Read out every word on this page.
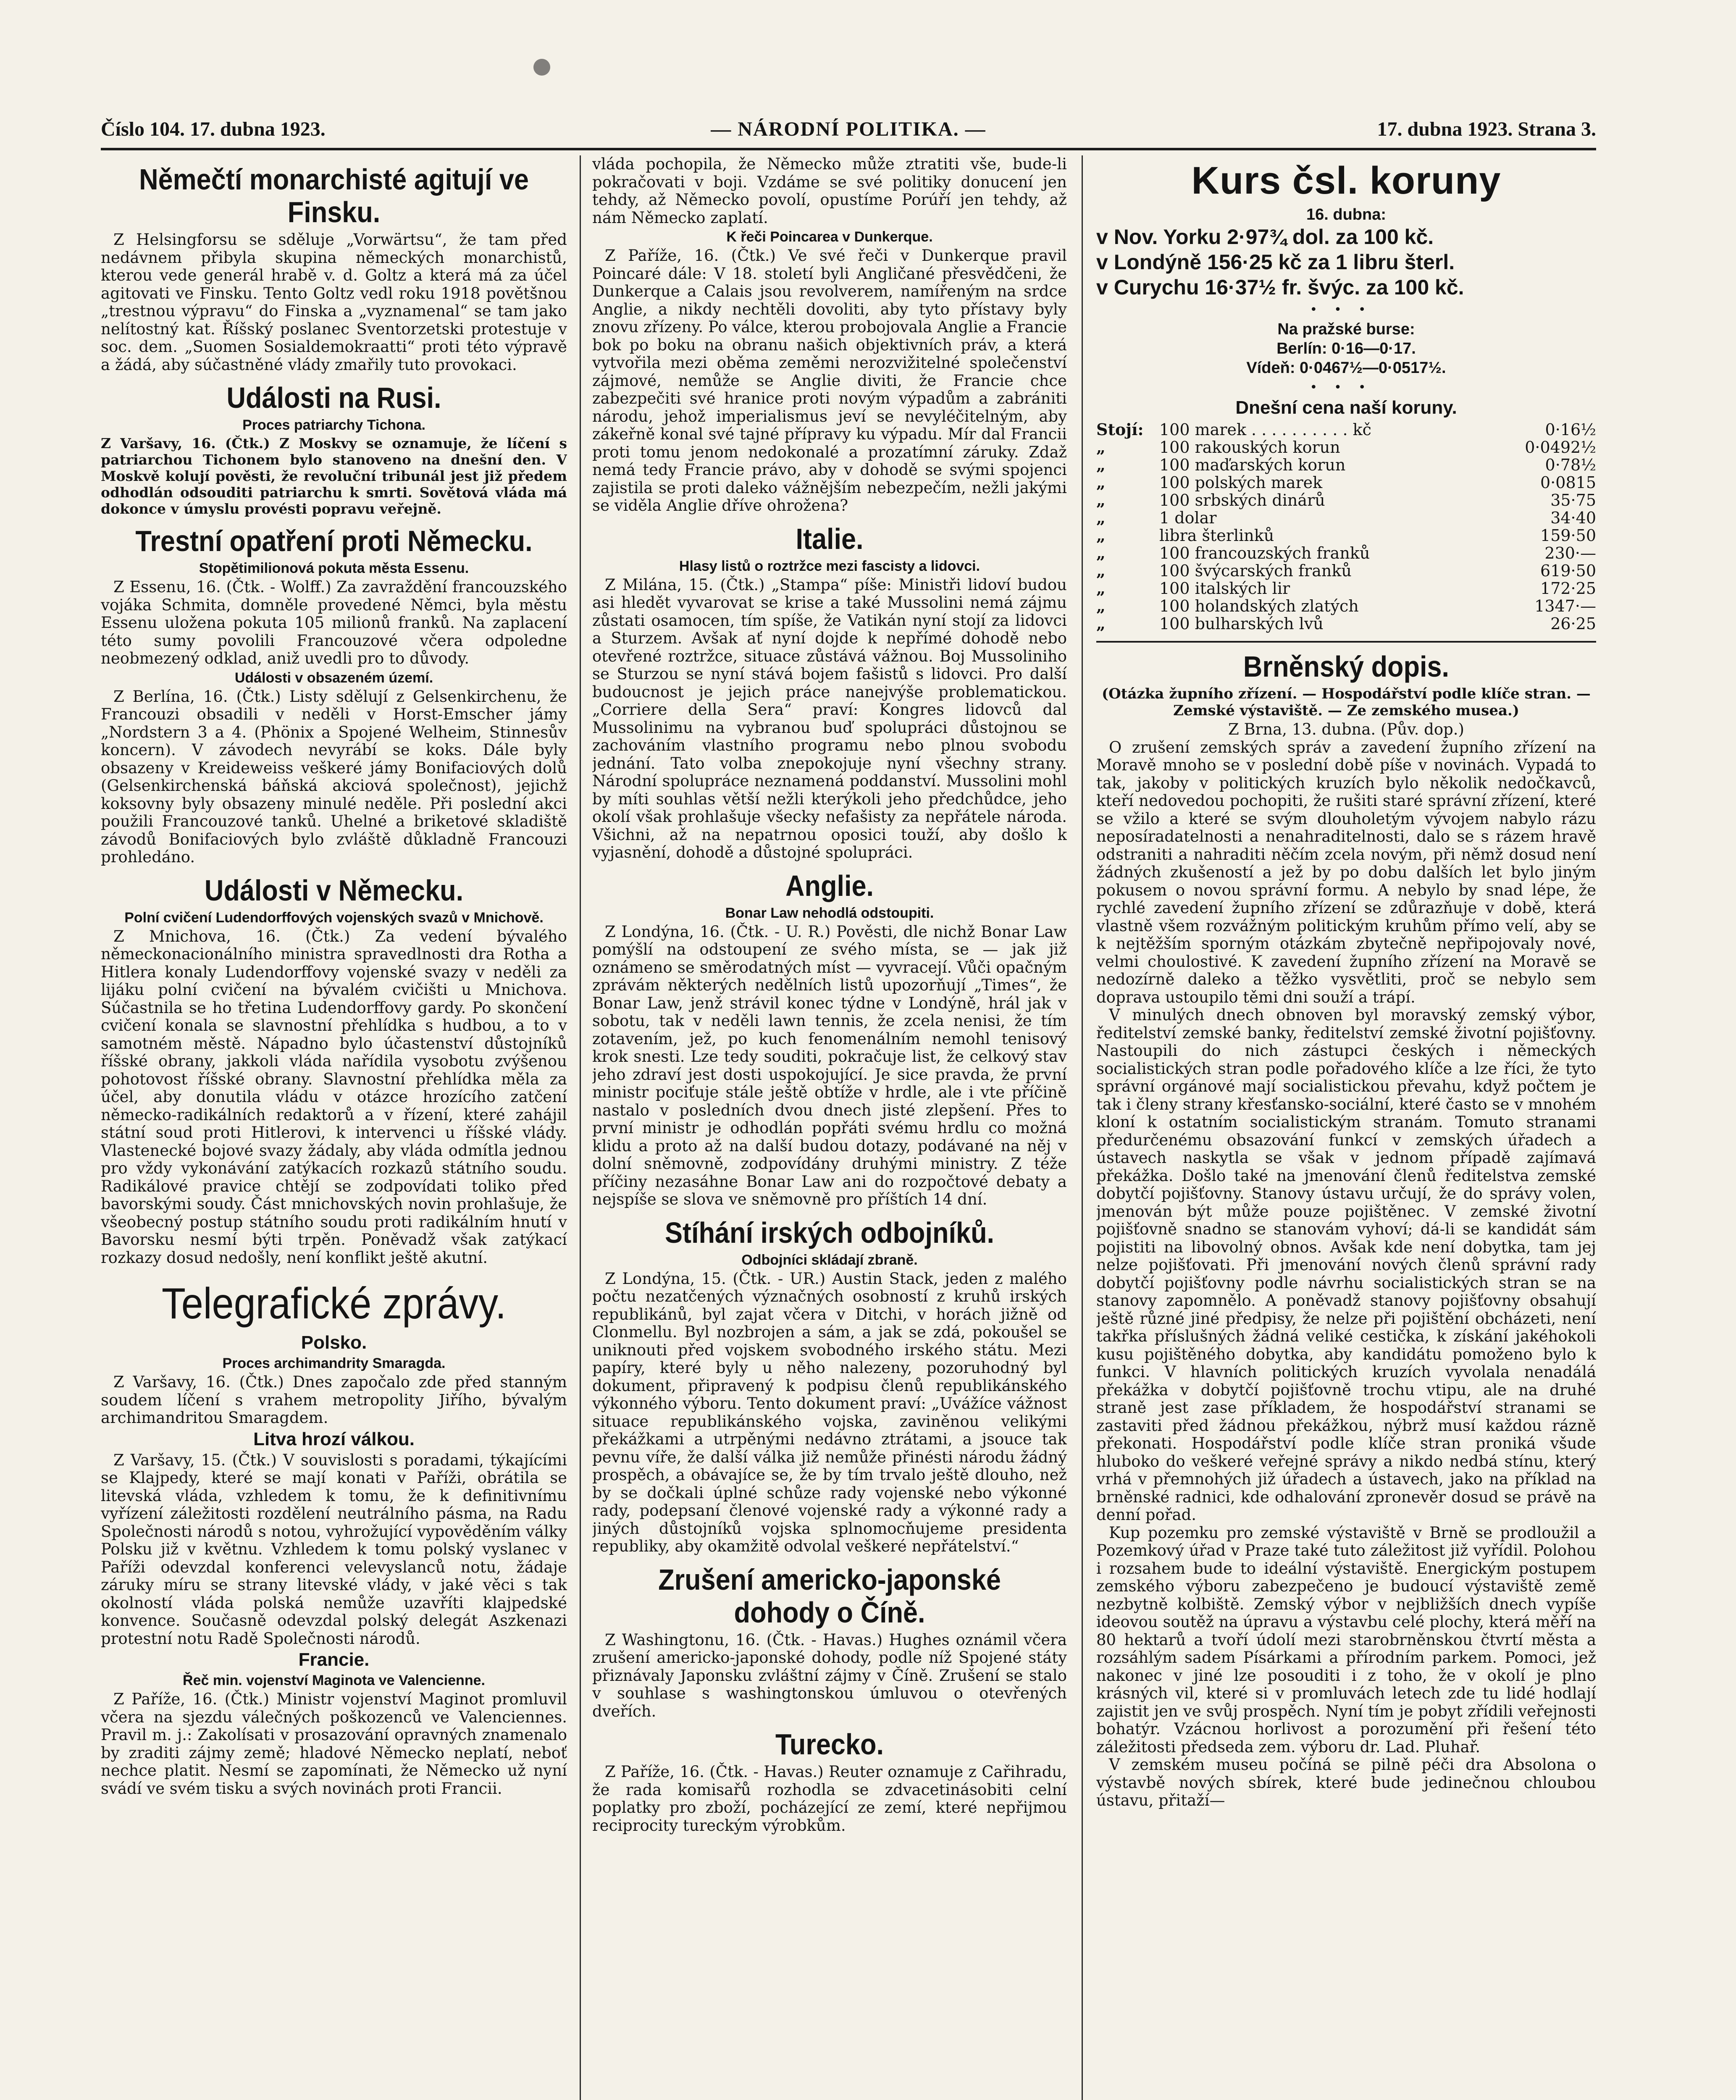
Číslo 104. 17. dubna 1923.	— NÁRODNÍ POLITIKA. —	17. dubna 1923. Strana 3.
Němečtí monarchisté agitují ve Finsku.

Z Helsingforsu se sděluje „Vorwärtsu“, že tam před nedávnem přibyla skupina německých monarchistů, kterou vede generál hrabě v. d. Goltz a která má za účel agitovati ve Finsku. Tento Goltz vedl roku 1918 povětšnou „trestnou výpravu“ do Finska a „vyznamenal“ se tam jako nelítostný kat. Říšský poslanec Sventorzetski protestuje v soc. dem. „Suomen Sosialdemokraatti“ proti této výpravě a žádá, aby súčastněné vlády zmařily tuto provokaci.

Události na Rusi.
Proces patriarchy Tichona.

Z Varšavy, 16. (Čtk.) Z Moskvy se oznamuje, že líčení s patriarchou Tichonem bylo stanoveno na dnešní den. V Moskvě kolují pověsti, že revoluční tribunál jest již předem odhodlán odsouditi patriarchu k smrti. Sovětová vláda má dokonce v úmyslu provésti popravu veřejně.

Trestní opatření proti Německu.
Stopětimilionová pokuta města Essenu.

Z Essenu, 16. (Čtk. - Wolff.) Za zavraždění francouzského vojáka Schmita, domněle provedené Němci, byla městu Essenu uložena pokuta 105 milionů franků. Na zaplacení této sumy povolili Francouzové včera odpoledne neobmezený odklad, aniž uvedli pro to důvody.

Události v obsazeném území.

Z Berlína, 16. (Čtk.) Listy sdělují z Gelsenkirchenu, že Francouzi obsadili v neděli v Horst-Emscher jámy „Nordstern 3 a 4. (Phönix a Spojené Welheim, Stinnesův koncern). V závodech nevyrábí se koks. Dále byly obsazeny v Kreideweiss veškeré jámy Bonifaciových dolů (Gelsenkirchenská báňská akciová společnost), jejichž koksovny byly obsazeny minulé neděle. Při poslední akci použili Francouzové tanků. Uhelné a briketové skladiště závodů Bonifaciových bylo zvláště důkladně Francouzi prohledáno.

Události v Německu.
Polní cvičení Ludendorffových vojenských svazů v Mnichově.

Z Mnichova, 16. (Čtk.) Za vedení bývalého německonacionálního ministra spravedlnosti dra Rotha a Hitlera konaly Ludendorffovy vojenské svazy v neděli za lijáku polní cvičení na bývalém cvičišti u Mnichova. Súčastnila se ho třetina Ludendorffovy gardy. Po skončení cvičení konala se slavnostní přehlídka s hudbou, a to v samotném městě. Nápadno bylo účastenství důstojníků říšské obrany, jakkoli vláda nařídila vysobotu zvýšenou pohotovost říšské obrany. Slavnostní přehlídka měla za účel, aby donutila vládu v otázce hrozícího zatčení německo-radikálních redaktorů a v řízení, které zahájil státní soud proti Hitlerovi, k intervenci u říšské vlády. Vlastenecké bojové svazy žádaly, aby vláda odmítla jednou pro vždy vykonávání zatýkacích rozkazů státního soudu. Radikálové pravice chtějí se zodpovídati toliko před bavorskými soudy. Část mnichovských novin prohlašuje, že všeobecný postup státního soudu proti radikálním hnutí v Bavorsku nesmí býti trpěn. Poněvadž však zatýkací rozkazy dosud nedošly, není konflikt ještě akutní.

Telegrafické zprávy.
Polsko.
Proces archimandrity Smaragda.

Z Varšavy, 16. (Čtk.) Dnes započalo zde před stanným soudem líčení s vrahem metropolity Jiřího, bývalým archimandritou Smaragdem.

Litva hrozí válkou.

Z Varšavy, 15. (Čtk.) V souvislosti s poradami, týkajícími se Klajpedy, které se mají konati v Paříži, obrátila se litevská vláda, vzhledem k tomu, že k definitivnímu vyřízení záležitosti rozdělení neutrálního pásma, na Radu Společnosti národů s notou, vyhrožující vypověděním války Polsku již v květnu. Vzhledem k tomu polský vyslanec v Paříži odevzdal konferenci velevyslanců notu, žádaje záruky míru se strany litevské vlády, v jaké věci s tak okolností vláda polská nemůže uzavříti klajpedské konvence. Současně odevzdal polský delegát Aszkenazi protestní notu Radě Společnosti národů.

Francie.
Řeč min. vojenství Maginota ve Valencienne.

Z Paříže, 16. (Čtk.) Ministr vojenství Maginot promluvil včera na sjezdu válečných poškozenců ve Valenciennes. Pravil m. j.: Zakolísati v prosazování opravných znamenalo by zraditi zájmy země; hladové Německo neplatí, neboť nechce platit. Nesmí se zapomínati, že Německo už nyní svádí ve svém tisku a svých novinách proti Francii.

vláda pochopila, že Německo může ztratiti vše, bude-li pokračovati v boji. Vzdáme se své politiky donucení jen tehdy, až Německo povolí, opustíme Porúří jen tehdy, až nám Německo zaplatí.

K řeči Poincarea v Dunkerque.

Z Paříže, 16. (Čtk.) Ve své řeči v Dunkerque pravil Poincaré dále: V 18. století byli Angličané přesvědčeni, že Dunkerque a Calais jsou revolverem, namířeným na srdce Anglie, a nikdy nechtěli dovoliti, aby tyto přístavy byly znovu zřízeny. Po válce, kterou probojovala Anglie a Francie bok po boku na obranu našich objektivních práv, a která vytvořila mezi oběma zeměmi nerozvižitelné společenství zájmové, nemůže se Anglie diviti, že Francie chce zabezpečiti své hranice proti novým výpadům a zabrániti národu, jehož imperialismus jeví se nevyléčitelným, aby zákeřně konal své tajné přípravy ku výpadu. Mír dal Francii proti tomu jenom nedokonalé a prozatímní záruky. Zdaž nemá tedy Francie právo, aby v dohodě se svými spojenci zajistila se proti daleko vážnějším nebezpečím, nežli jakými se viděla Anglie dříve ohrožena?

Italie.
Hlasy listů o roztržce mezi fascisty a lidovci.

Z Milána, 15. (Čtk.) „Stampa“ píše: Ministři lidoví budou asi hledět vyvarovat se krise a také Mussolini nemá zájmu zůstati osamocen, tím spíše, že Vatikán nyní stojí za lidovci a Sturzem. Avšak ať nyní dojde k nepřímé dohodě nebo otevřené roztržce, situace zůstává vážnou. Boj Mussoliniho se Sturzou se nyní stává bojem fašistů s lidovci. Pro další budoucnost je jejich práce nanejvýše problematickou. „Corriere della Sera“ praví: Kongres lidovců dal Mussolinimu na vybranou buď spolupráci důstojnou se zachováním vlastního programu nebo plnou svobodu jednání. Tato volba znepokojuje nyní všechny strany. Národní spolupráce neznamená poddanství. Mussolini mohl by míti souhlas větší nežli kterýkoli jeho předchůdce, jeho okolí však prohlašuje všecky nefašisty za nepřátele národa. Všichni, až na nepatrnou oposici touží, aby došlo k vyjasnění, dohodě a důstojné spolupráci.

Anglie.
Bonar Law nehodlá odstoupiti.

Z Londýna, 16. (Čtk. - U. R.) Pověsti, dle nichž Bonar Law pomýšlí na odstoupení ze svého místa, se — jak již oznámeno se směrodatných míst — vyvracejí. Vůči opačným zprávám některých nedělních listů upozorňují „Times“, že Bonar Law, jenž strávil konec týdne v Londýně, hrál jak v sobotu, tak v neděli lawn tennis, že zcela nenisi, že tím zotavením, jež, po kuch fenomenálním nemohl tenisový krok snesti. Lze tedy souditi, pokračuje list, že celkový stav jeho zdraví jest dosti uspokojující. Je sice pravda, že první ministr pociťuje stále ještě obtíže v hrdle, ale i vte příčině nastalo v posledních dvou dnech jisté zlepšení. Přes to první ministr je odhodlán popřáti svému hrdlu co možná klidu a proto až na další budou dotazy, podávané na něj v dolní sněmovně, zodpovídány druhými ministry. Z téže příčiny nezasáhne Bonar Law ani do rozpočtové debaty a nejspíše se slova ve sněmovně pro příštích 14 dní.

Stíhání irských odbojníků.
Odbojníci skládají zbraně.

Z Londýna, 15. (Čtk. - UR.) Austin Stack, jeden z malého počtu nezatčených význačných osobností z kruhů irských republikánů, byl zajat včera v Ditchi, v horách jižně od Clonmellu. Byl nozbrojen a sám, a jak se zdá, pokoušel se uniknouti před vojskem svobodného irského státu. Mezi papíry, které byly u něho nalezeny, pozoruhodný byl dokument, připravený k podpisu členů republikánského výkonného výboru. Tento dokument praví: „Uvážíce vážnost situace republikánského vojska, zaviněnou velikými překážkami a utrpěnými nedávno ztrátami, a jsouce tak pevnu víře, že další válka již nemůže přinésti národu žádný prospěch, a obávajíce se, že by tím trvalo ještě dlouho, než by se dočkali úplné schůze rady vojenské nebo výkonné rady, podepsaní členové vojenské rady a výkonné rady a jiných důstojníků vojska splnomocňujeme presidenta republiky, aby okamžitě odvolal veškeré nepřátelství.“

Zrušení americko-japonské dohody o Číně.

Z Washingtonu, 16. (Čtk. - Havas.) Hughes oznámil včera zrušení americko-japonské dohody, podle níž Spojené státy přiznávaly Japonsku zvláštní zájmy v Číně. Zrušení se stalo v souhlase s washingtonskou úmluvou o otevřených dveřích.

Turecko.

Z Paříže, 16. (Čtk. - Havas.) Reuter oznamuje z Cařihradu, že rada komisařů rozhodla se zdvacetinásobiti celní poplatky pro zboží, pocházející ze zemí, které nepřijmou reciprocity tureckým výrobkům.

Kurs čsl. koruny

16. dubna:

v Nov. Yorku 2·97¾ dol. za 100 kč.

v Londýně 156·25 kč za 1 libru šterl.

v Curychu 16·37½ fr. švýc. za 100 kč.

•••

Na pražské burse:

Berlín: 0·16—0·17.

Vídeň: 0·0467½—0·0517½.

•••
Dnešní cena naší koruny.
Stojí:	100 marek . . . . . . . . . . kč	0·16½
„	100 rakouských korun	0·0492½
„	100 maďarských korun	0·78½
„	100 polských marek	0·0815
„	100 srbských dinárů	35·75
„	1 dolar	34·40
„	libra šterlinků	159·50
„	100 francouzských franků	230·—
„	100 švýcarských franků	619·50
„	100 italských lir	172·25
„	100 holandských zlatých	1347·—
„	100 bulharských lvů	26·25
Brněnský dopis.

(Otázka župního zřízení. — Hospodářství podle klíče stran. — Zemské výstaviště. — Ze zemského musea.)

Z Brna, 13. dubna. (Pův. dop.)

O zrušení zemských správ a zavedení župního zřízení na Moravě mnoho se v poslední době píše v novinách. Vypadá to tak, jakoby v politických kruzích bylo několik nedočkavců, kteří nedovedou pochopiti, že rušiti staré správní zřízení, které se vžilo a které se svým dlouholetým vývojem nabylo rázu neposíradatelnosti a nenahraditelnosti, dalo se s rázem hravě odstraniti a nahraditi něčím zcela novým, při němž dosud není žádných zkušeností a jež by po dobu dalších let bylo jiným pokusem o novou správní formu. A nebylo by snad lépe, že rychlé zavedení župního zřízení se zdůrazňuje v době, která vlastně všem rozvážným politickým kruhům přímo velí, aby se k nejtěžším sporným otázkám zbytečně nepřipojovaly nové, velmi choulostivé. K zavedení župního zřízení na Moravě se nedozírně daleko a těžko vysvětliti, proč se nebylo sem doprava ustoupilo těmi dni souží a trápí.

V minulých dnech obnoven byl moravský zemský výbor, ředitelství zemské banky, ředitelství zemské životní pojišťovny. Nastoupili do nich zástupci českých i německých socialistických stran podle pořadového klíče a lze říci, že tyto správní orgánové mají socialistickou převahu, když počtem je tak i členy strany křesťansko-sociální, které často se v mnohém kloní k ostatním socialistickým stranám. Tomuto stranami předurčenému obsazování funkcí v zemských úřadech a ústavech naskytla se však v jednom případě zajímavá překážka. Došlo také na jmenování členů ředitelstva zemské dobytčí pojišťovny. Stanovy ústavu určují, že do správy volen, jmenován být může pouze pojištěnec. V zemské životní pojišťovně snadno se stanovám vyhoví; dá-li se kandidát sám pojistiti na libovolný obnos. Avšak kde není dobytka, tam jej nelze pojišťovati. Při jmenování nových členů správní rady dobytčí pojišťovny podle návrhu socialistických stran se na stanovy zapomnělo. A poněvadž stanovy pojišťovny obsahují ještě různé jiné předpisy, že nelze při pojištění obcházeti, není takřka příslušných žádná veliké cestička, k získání jakéhokoli kusu pojištěného dobytka, aby kandidátu pomoženo bylo k funkci. V hlavních politických kruzích vyvolala nenadálá překážka v dobytčí pojišťovně trochu vtipu, ale na druhé straně jest zase příkladem, že hospodářství stranami se zastaviti před žádnou překážkou, nýbrž musí každou rázně překonati. Hospodářství podle klíče stran proniká všude hluboko do veškeré veřejné správy a nikdo nedbá stínu, který vrhá v přemnohých již úřadech a ústavech, jako na příklad na brněnské radnici, kde odhalování zpronevěr dosud se právě na denní pořad.

Kup pozemku pro zemské výstaviště v Brně se prodloužil a Pozemkový úřad v Praze také tuto záležitost již vyřídil. Polohou i rozsahem bude to ideální výstaviště. Energickým postupem zemského výboru zabezpečeno je budoucí výstaviště země nezbytně kolbiště. Zemský výbor v nejbližších dnech vypíše ideovou soutěž na úpravu a výstavbu celé plochy, která měří na 80 hektarů a tvoří údolí mezi starobrněnskou čtvrtí města a rozsáhlým sadem Písárkami a přírodním parkem. Pomoci, jež nakonec v jiné lze posouditi i z toho, že v okolí je plno krásných vil, které si v promluvách letech zde tu lidé hodlají zajistit jen ve svůj prospěch. Nyní tím je pobyt zřídili veřejnosti bohatýr. Vzácnou horlivost a porozumění při řešení této záležitosti předseda zem. výboru dr. Lad. Pluhař.

V zemském museu počíná se pilně péči dra Absolona o výstavbě nových sbírek, které bude jedinečnou chloubou ústavu, přitaží—
